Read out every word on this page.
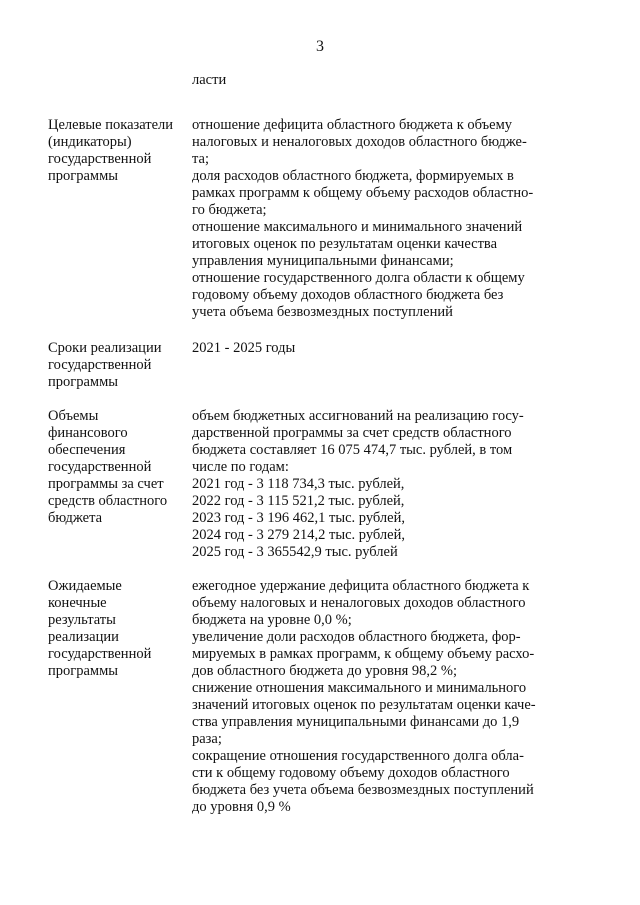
3
ласти
Целевые показатели
(индикаторы)
государственной
программы
отношение дефицита областного бюджета к объему
налоговых и неналоговых доходов областного бюдже-
та;
доля расходов областного бюджета, формируемых в
рамках программ к общему объему расходов областно-
го бюджета;
отношение максимального и минимального значений
итоговых оценок по результатам оценки качества
управления муниципальными финансами;
отношение государственного долга области к общему
годовому объему доходов областного бюджета без
учета объема безвозмездных поступлений
Сроки реализации
государственной
программы
2021 - 2025 годы
Объемы
финансового
обеспечения
государственной
программы за счет
средств областного
бюджета
объем бюджетных ассигнований на реализацию госу-
дарственной программы за счет средств областного
бюджета составляет 16 075 474,7 тыс. рублей, в том
числе по годам:
2021 год - 3 118 734,3 тыс. рублей,
2022 год - 3 115 521,2 тыс. рублей,
2023 год - 3 196 462,1 тыс. рублей,
2024 год - 3 279 214,2 тыс. рублей,
2025 год - 3 365542,9 тыс. рублей
Ожидаемые
конечные
результаты
реализации
государственной
программы
ежегодное удержание дефицита областного бюджета к
объему налоговых и неналоговых доходов областного
бюджета на уровне 0,0 %;
увеличение доли расходов областного бюджета, фор-
мируемых в рамках программ, к общему объему расхо-
дов областного бюджета до уровня 98,2 %;
снижение отношения максимального и минимального
значений итоговых оценок по результатам оценки каче-
ства управления муниципальными финансами до 1,9
раза;
сокращение отношения государственного долга обла-
сти к общему годовому объему доходов областного
бюджета без учета объема безвозмездных поступлений
до уровня 0,9 %
